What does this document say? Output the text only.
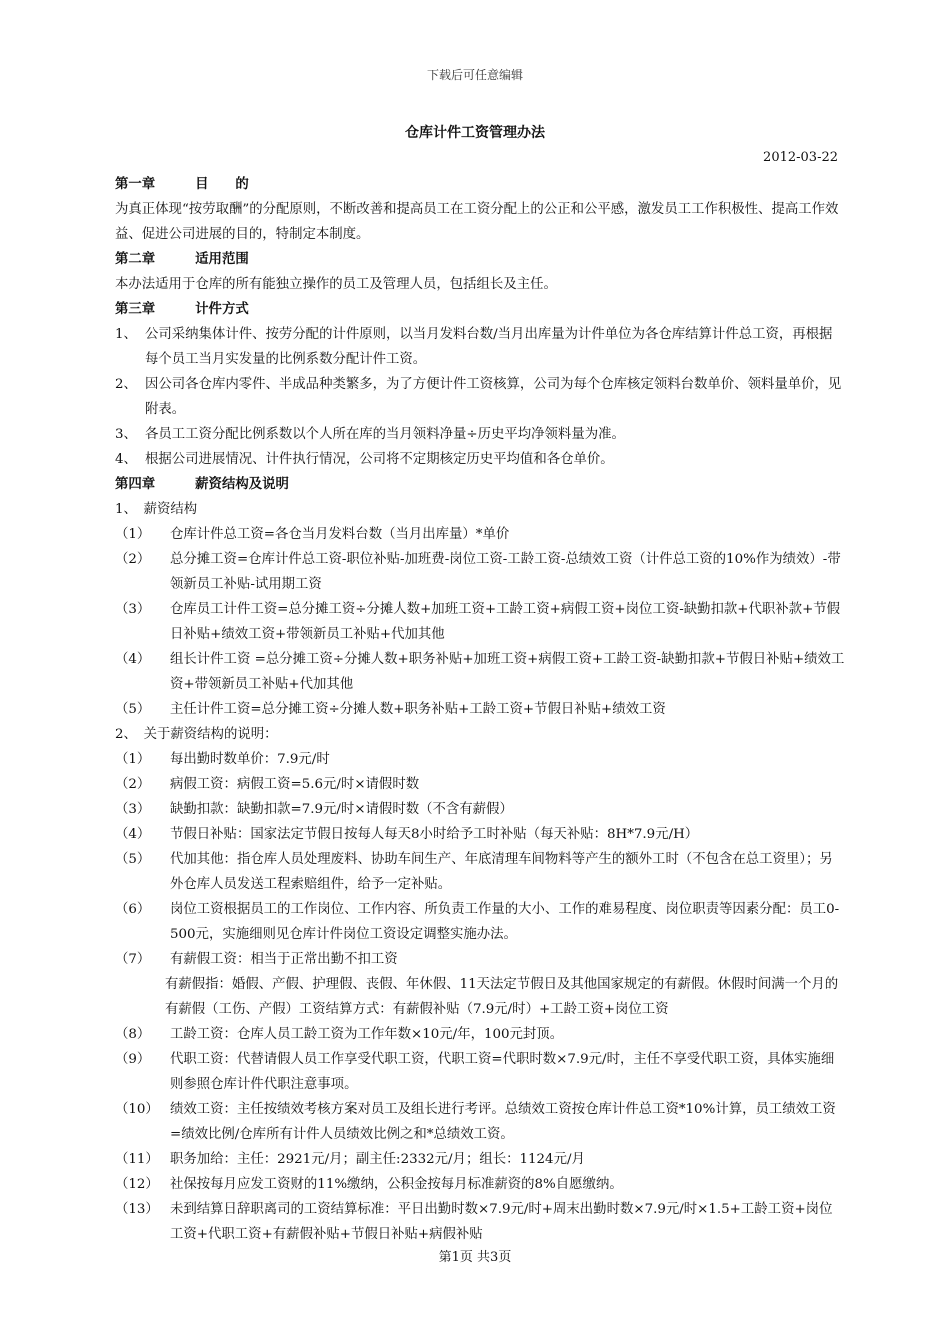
下载后可任意编辑
仓库计件工资管理办法
2012-03-22
第一章	目　　的
为真正体现“按劳取酬”的分配原则，不断改善和提高员工在工资分配上的公正和公平感，激发员工工作积极性、提高工作效益、促进公司进展的目的，特制定本制度。
第二章	适用范围
本办法适用于仓库的所有能独立操作的员工及管理人员，包括组长及主任。
第三章	计件方式
1、 公司采纳集体计件、按劳分配的计件原则，以当月发料台数/当月出库量为计件单位为各仓库结算计件总工资，再根据每个员工当月实发量的比例系数分配计件工资。
2、 因公司各仓库内零件、半成品种类繁多，为了方便计件工资核算，公司为每个仓库核定领料台数单价、领料量单价，见附表。
3、 各员工工资分配比例系数以个人所在库的当月领料净量÷历史平均净领料量为准。
4、 根据公司进展情况、计件执行情况，公司将不定期核定历史平均值和各仓单价。
第四章	薪资结构及说明
1、　薪资结构
（1）	仓库计件总工资=各仓当月发料台数（当月出库量）*单价
（2）	总分摊工资=仓库计件总工资-职位补贴-加班费-岗位工资-工龄工资-总绩效工资（计件总工资的10%作为绩效）-带领新员工补贴-试用期工资
（3）	仓库员工计件工资=总分摊工资÷分摊人数+加班工资+工龄工资+病假工资+岗位工资-缺勤扣款+代职补款+节假日补贴+绩效工资+带领新员工补贴+代加其他
（4）	组长计件工资 =总分摊工资÷分摊人数+职务补贴+加班工资+病假工资+工龄工资-缺勤扣款+节假日补贴+绩效工资+带领新员工补贴+代加其他
（5）	主任计件工资=总分摊工资÷分摊人数+职务补贴+工龄工资+节假日补贴+绩效工资
2、　关于薪资结构的说明：
（1）	每出勤时数单价：7.9元/时
（2）	病假工资：病假工资=5.6元/时×请假时数
（3）	缺勤扣款：缺勤扣款=7.9元/时×请假时数（不含有薪假）
（4）	节假日补贴：国家法定节假日按每人每天8小时给予工时补贴（每天补贴：8H*7.9元/H）
（5）	代加其他：指仓库人员处理废料、协助车间生产、年底清理车间物料等产生的额外工时（不包含在总工资里）；另外仓库人员发送工程索赔组件，给予一定补贴。
（6）	岗位工资根据员工的工作岗位、工作内容、所负责工作量的大小、工作的难易程度、岗位职责等因素分配：员工0-500元，实施细则见仓库计件岗位工资设定调整实施办法。
（7）	有薪假工资：相当于正常出勤不扣工资
有薪假指：婚假、产假、护理假、丧假、年休假、11天法定节假日及其他国家规定的有薪假。休假时间满一个月的有薪假（工伤、产假）工资结算方式：有薪假补贴（7.9元/时）+工龄工资+岗位工资
（8）	工龄工资：仓库人员工龄工资为工作年数×10元/年，100元封顶。
（9）	代职工资：代替请假人员工作享受代职工资，代职工资=代职时数×7.9元/时，主任不享受代职工资，具体实施细则参照仓库计件代职注意事项。
（10） 绩效工资：主任按绩效考核方案对员工及组长进行考评。总绩效工资按仓库计件总工资*10%计算，员工绩效工资=绩效比例/仓库所有计件人员绩效比例之和*总绩效工资。
（11） 职务加给：主任：2921元/月；副主任:2332元/月；组长：1124元/月
（12） 社保按每月应发工资财的11%缴纳，公积金按每月标准薪资的8%自愿缴纳。
（13） 未到结算日辞职离司的工资结算标准：平日出勤时数×7.9元/时+周末出勤时数×7.9元/时×1.5+工龄工资+岗位工资+代职工资+有薪假补贴+节假日补贴+病假补贴
第1页 共3页
